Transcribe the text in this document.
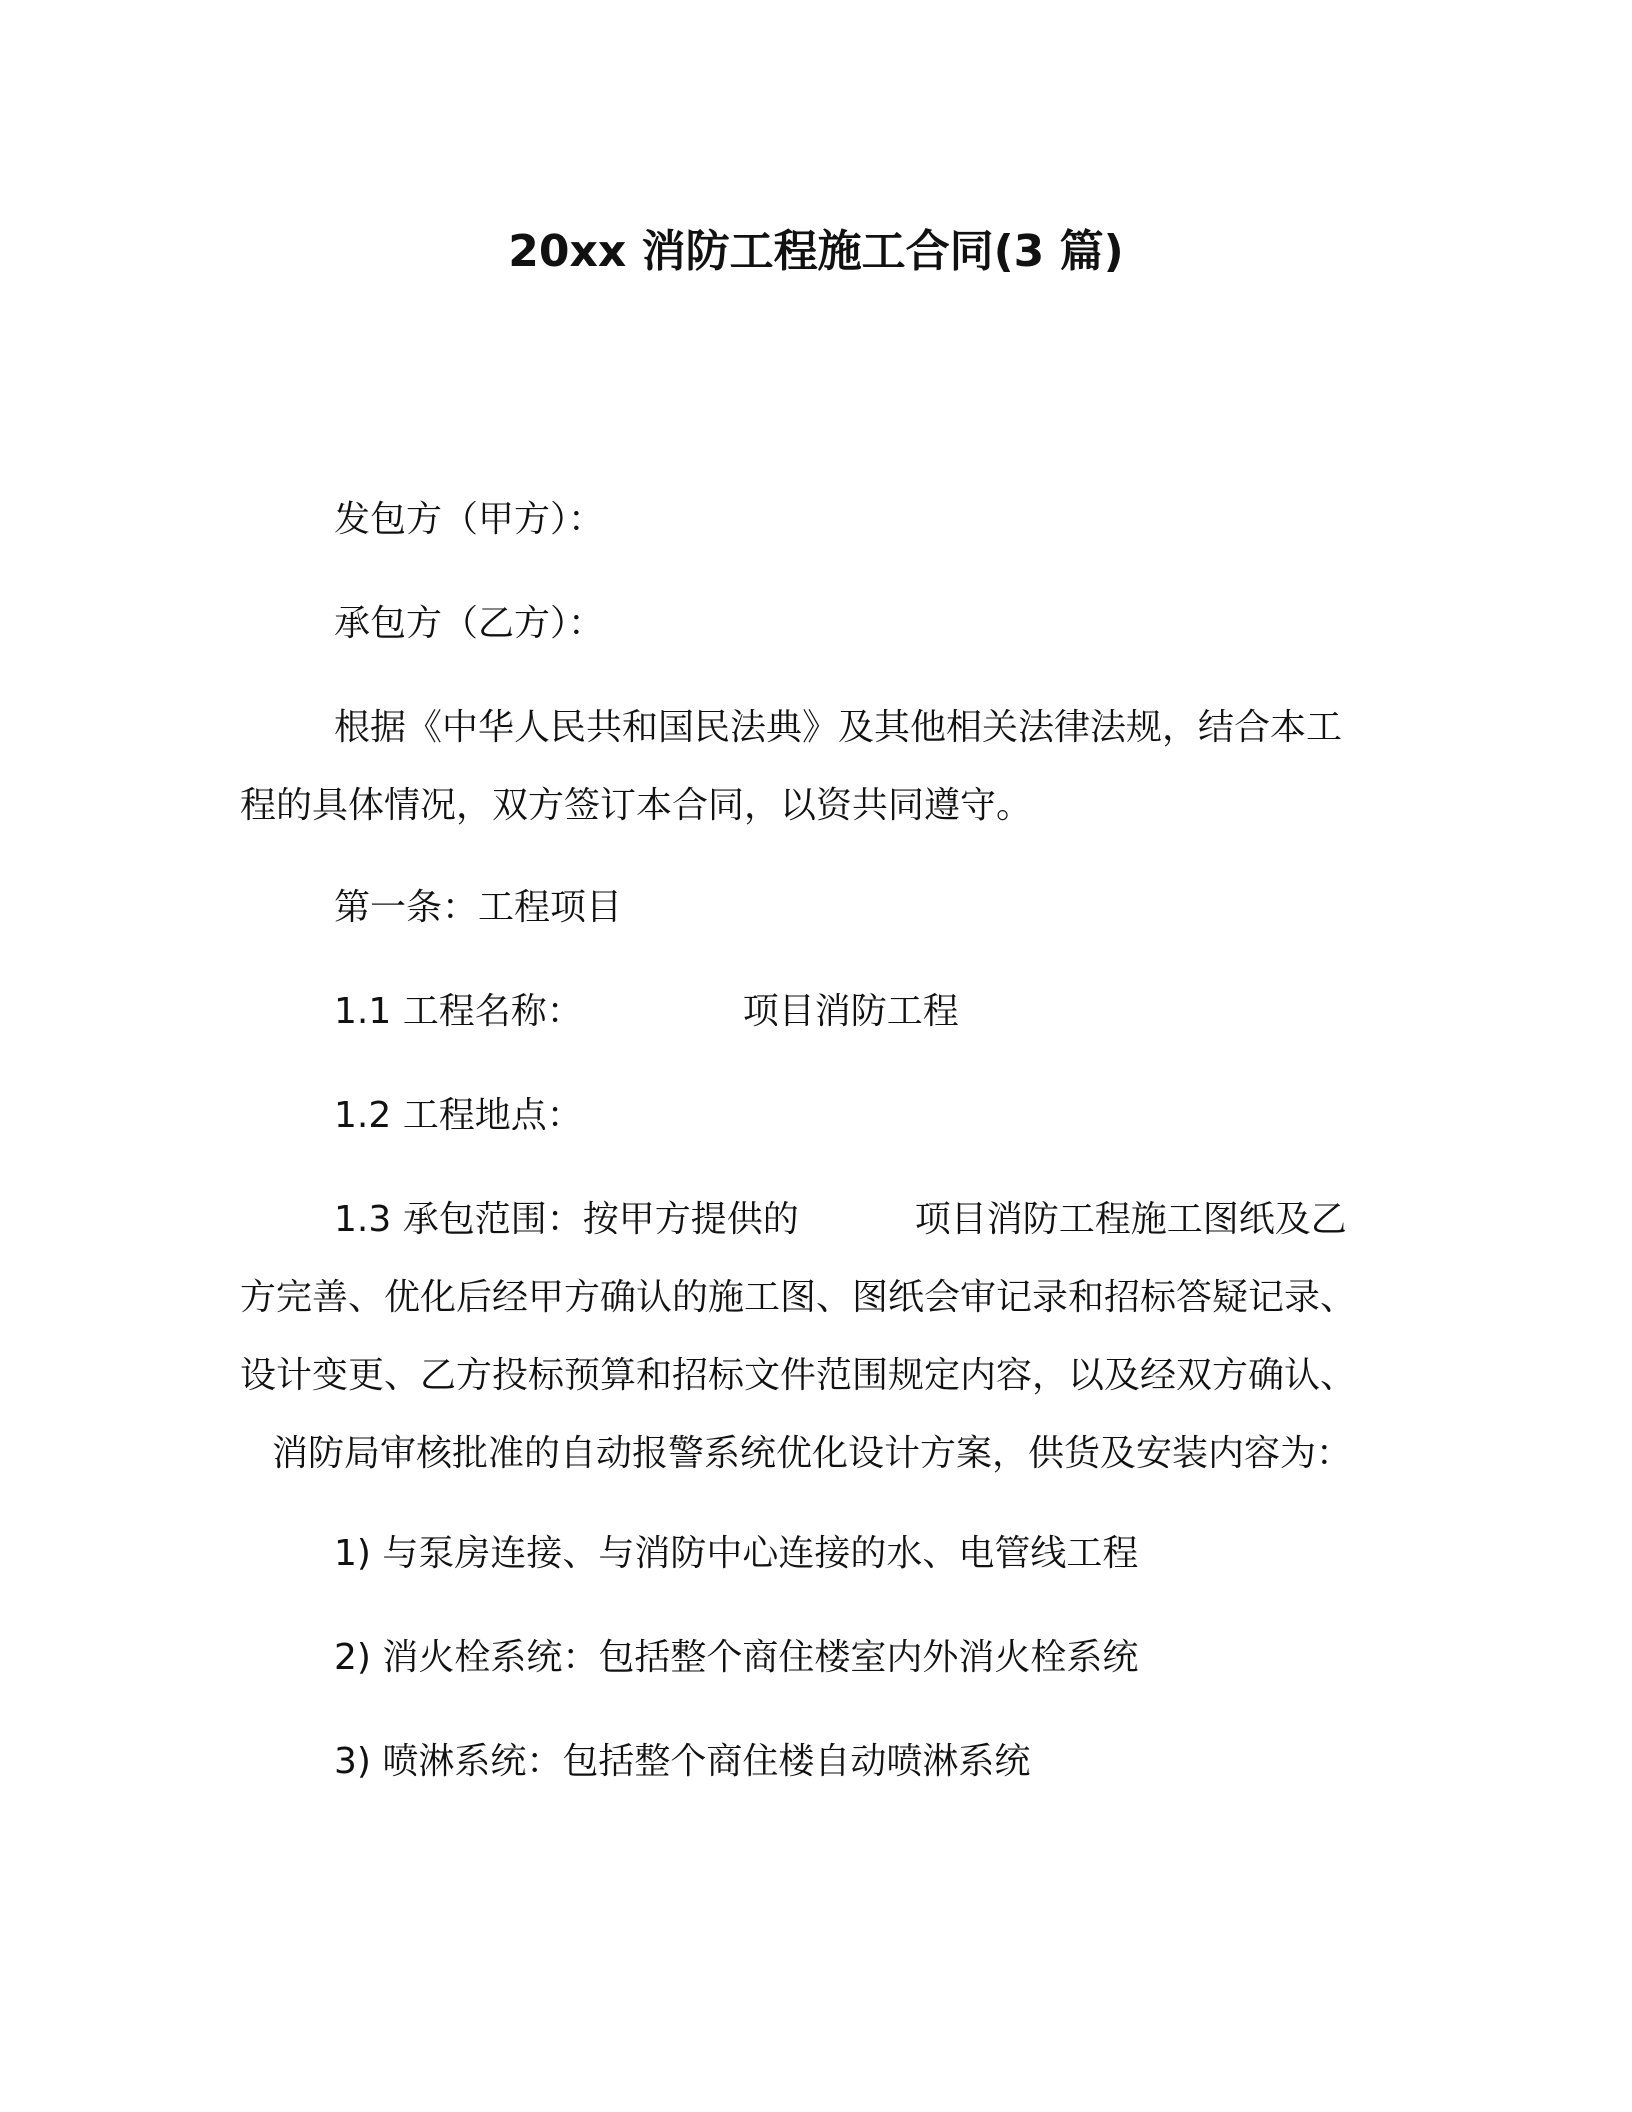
20xx 消防工程施工合同(3 篇)
发包方（甲方）：
承包方（乙方）：
根据《中华人民共和国民法典》及其他相关法律法规，结合本工
程的具体情况，双方签订本合同，以资共同遵守。
第一条：工程项目
1.1 工程名称：	项目消防工程
1.2 工程地点：
1.3 承包范围：按甲方提供的	项目消防工程施工图纸及乙
方完善、优化后经甲方确认的施工图、图纸会审记录和招标答疑记录、
设计变更、乙方投标预算和招标文件范围规定内容，以及经双方确认、
消防局审核批准的自动报警系统优化设计方案，供货及安装内容为：
1) 与泵房连接、与消防中心连接的水、电管线工程
2) 消火栓系统：包括整个商住楼室内外消火栓系统
3) 喷淋系统：包括整个商住楼自动喷淋系统
